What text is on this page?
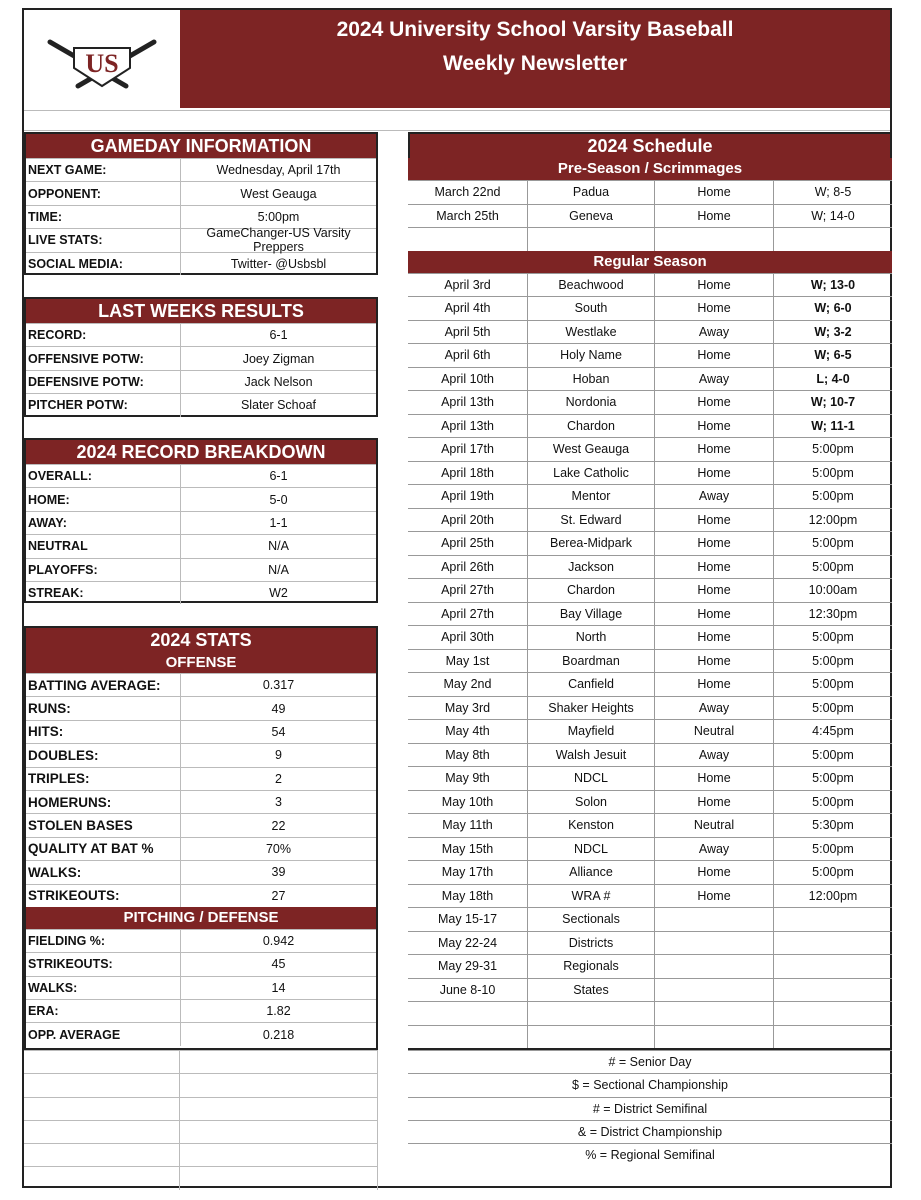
US
2024 University School Varsity Baseball
Weekly Newsletter
GAMEDAY INFORMATION
NEXT GAME:	Wednesday, April 17th
OPPONENT:	West Geauga
TIME:	5:00pm
LIVE STATS:	GameChanger-US Varsity Preppers
SOCIAL MEDIA:	Twitter- @Usbsbl
LAST WEEKS RESULTS
RECORD:	6-1
OFFENSIVE POTW:	Joey Zigman
DEFENSIVE POTW:	Jack Nelson
PITCHER POTW:	Slater Schoaf
2024 RECORD BREAKDOWN
OVERALL:	6-1
HOME:	5-0
AWAY:	1-1
NEUTRAL	N/A
PLAYOFFS:	N/A
STREAK:	W2
2024 STATS
OFFENSE
BATTING AVERAGE:	0.317
RUNS:	49
HITS:	54
DOUBLES:	9
TRIPLES:	2
HOMERUNS:	3
STOLEN BASES	22
QUALITY AT BAT %	70%
WALKS:	39
STRIKEOUTS:	27
PITCHING / DEFENSE
FIELDING %:	0.942
STRIKEOUTS:	45
WALKS:	14
ERA:	1.82
OPP. AVERAGE	0.218
2024 Schedule
Pre-Season / Scrimmages
March 22nd	Padua	Home	W; 8-5
March 25th	Geneva	Home	W; 14-0
Regular Season
April 3rd	Beachwood	Home	W; 13-0
April 4th	South	Home	W; 6-0
April 5th	Westlake	Away	W; 3-2
April 6th	Holy Name	Home	W; 6-5
April 10th	Hoban	Away	L; 4-0
April 13th	Nordonia	Home	W; 10-7
April 13th	Chardon	Home	W; 11-1
April 17th	West Geauga	Home	5:00pm
April 18th	Lake Catholic	Home	5:00pm
April 19th	Mentor	Away	5:00pm
April 20th	St. Edward	Home	12:00pm
April 25th	Berea-Midpark	Home	5:00pm
April 26th	Jackson	Home	5:00pm
April 27th	Chardon	Home	10:00am
April 27th	Bay Village	Home	12:30pm
April 30th	North	Home	5:00pm
May 1st	Boardman	Home	5:00pm
May 2nd	Canfield	Home	5:00pm
May 3rd	Shaker Heights	Away	5:00pm
May 4th	Mayfield	Neutral	4:45pm
May 8th	Walsh Jesuit	Away	5:00pm
May 9th	NDCL	Home	5:00pm
May 10th	Solon	Home	5:00pm
May 11th	Kenston	Neutral	5:30pm
May 15th	NDCL	Away	5:00pm
May 17th	Alliance	Home	5:00pm
May 18th	WRA #	Home	12:00pm
May 15-17	Sectionals
May 22-24	Districts
May 29-31	Regionals
June 8-10	States
# = Senior Day
$ = Sectional Championship
# = District Semifinal
& = District Championship
% = Regional Semifinal
